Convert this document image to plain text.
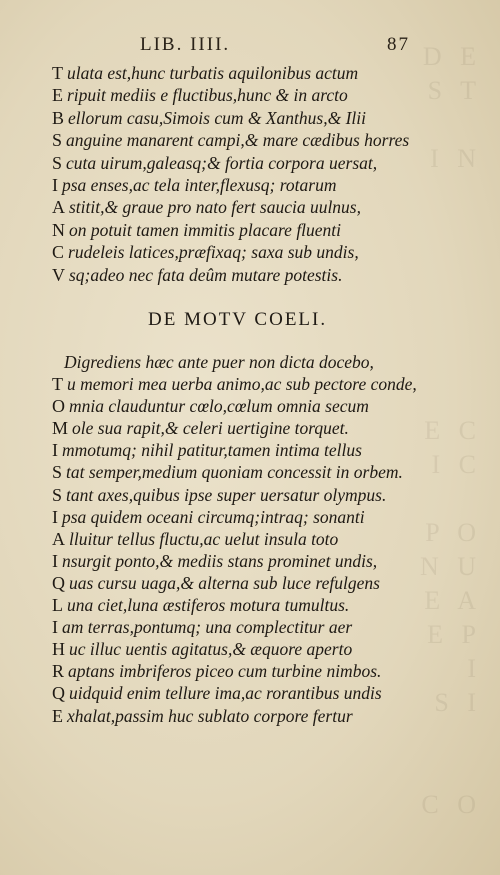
D E S T

I N

E C
I C

P O
N U
E A
E P
I
S I

C O
LIB. IIII.	87
T ulata est,hunc turbatis aquilonibus actum
E ripuit mediis e fluctibus,hunc & in arcto
B ellorum casu,Simois cum & Xanthus,& Ilii
S anguine manarent campi,& mare cædibus horres
S cuta uirum,galeasq;& fortia corpora uersat,
I psa enses,ac tela inter,flexusq; rotarum
A stitit,& graue pro nato fert saucia uulnus,
N on potuit tamen immitis placare fluenti
C rudeleis latices,præfixaq; saxa sub undis,
V sq;adeo nec fata deûm mutare potestis.
DE MOTV COELI.
Digrediens hæc ante puer non dicta docebo,
T u memori mea uerba animo,ac sub pectore conde,
O mnia clauduntur cœlo,cœlum omnia secum
M ole sua rapit,& celeri uertigine torquet.
I mmotumq; nihil patitur,tamen intima tellus
S tat semper,medium quoniam concessit in orbem.
S tant axes,quibus ipse super uersatur olympus.
I psa quidem oceani circumq;intraq; sonanti
A lluitur tellus fluctu,ac uelut insula toto
I nsurgit ponto,& mediis stans prominet undis,
Q uas cursu uaga,& alterna sub luce refulgens
L una ciet,luna æstiferos motura tumultus.
I am terras,pontumq; una complectitur aer
H uc illuc uentis agitatus,& æquore aperto
R aptans imbriferos piceo cum turbine nimbos.
Q uidquid enim tellure ima,ac rorantibus undis
E xhalat,passim huc sublato corpore fertur
